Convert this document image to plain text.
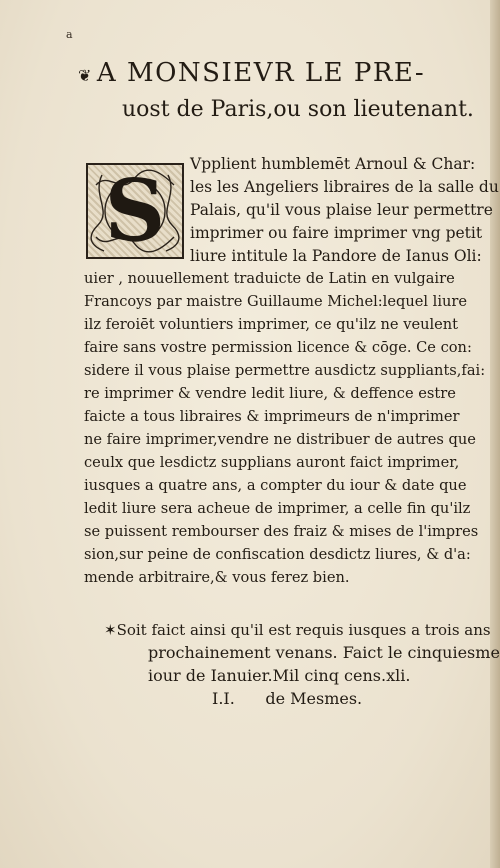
a
❦ A MONSIEVR LE PRE-
uost de Paris,ou son lieutenant.
S	Vpplient humblemēt Arnoul & Char:
les les Angeliers libraires de la salle du
Palais, qu'il vous plaise leur permettre
imprimer ou faire imprimer vng petit
liure intitule la Pandore de Ianus Oli:
uier , nouuellement traduicte de Latin en vulgaire
Francoys par maistre Guillaume Michel:lequel liure
ilz feroiēt voluntiers imprimer, ce qu'ilz ne veulent
faire sans vostre permission licence & cōge. Ce con:
sidere il vous plaise permettre ausdictz suppliants,fai:
re imprimer & vendre ledit liure, & deffence estre
faicte a tous libraires & imprimeurs de n'imprimer
ne faire imprimer,vendre ne distribuer de autres que
ceulx que lesdictz supplians auront faict imprimer,
iusques a quatre ans, a compter du iour & date que
ledit liure sera acheue de imprimer, a celle fin qu'ilz
se puissent rembourser des fraiz & mises de l'impres
sion,sur peine de confiscation desdictz liures, & d'a:
mende arbitraire,& vous ferez bien.
✶Soit faict ainsi qu'il est requis iusques a trois ans
prochainement venans. Faict le cinquiesme
iour de Ianuier.Mil cinq cens.xli.
I.I.      de Mesmes.
